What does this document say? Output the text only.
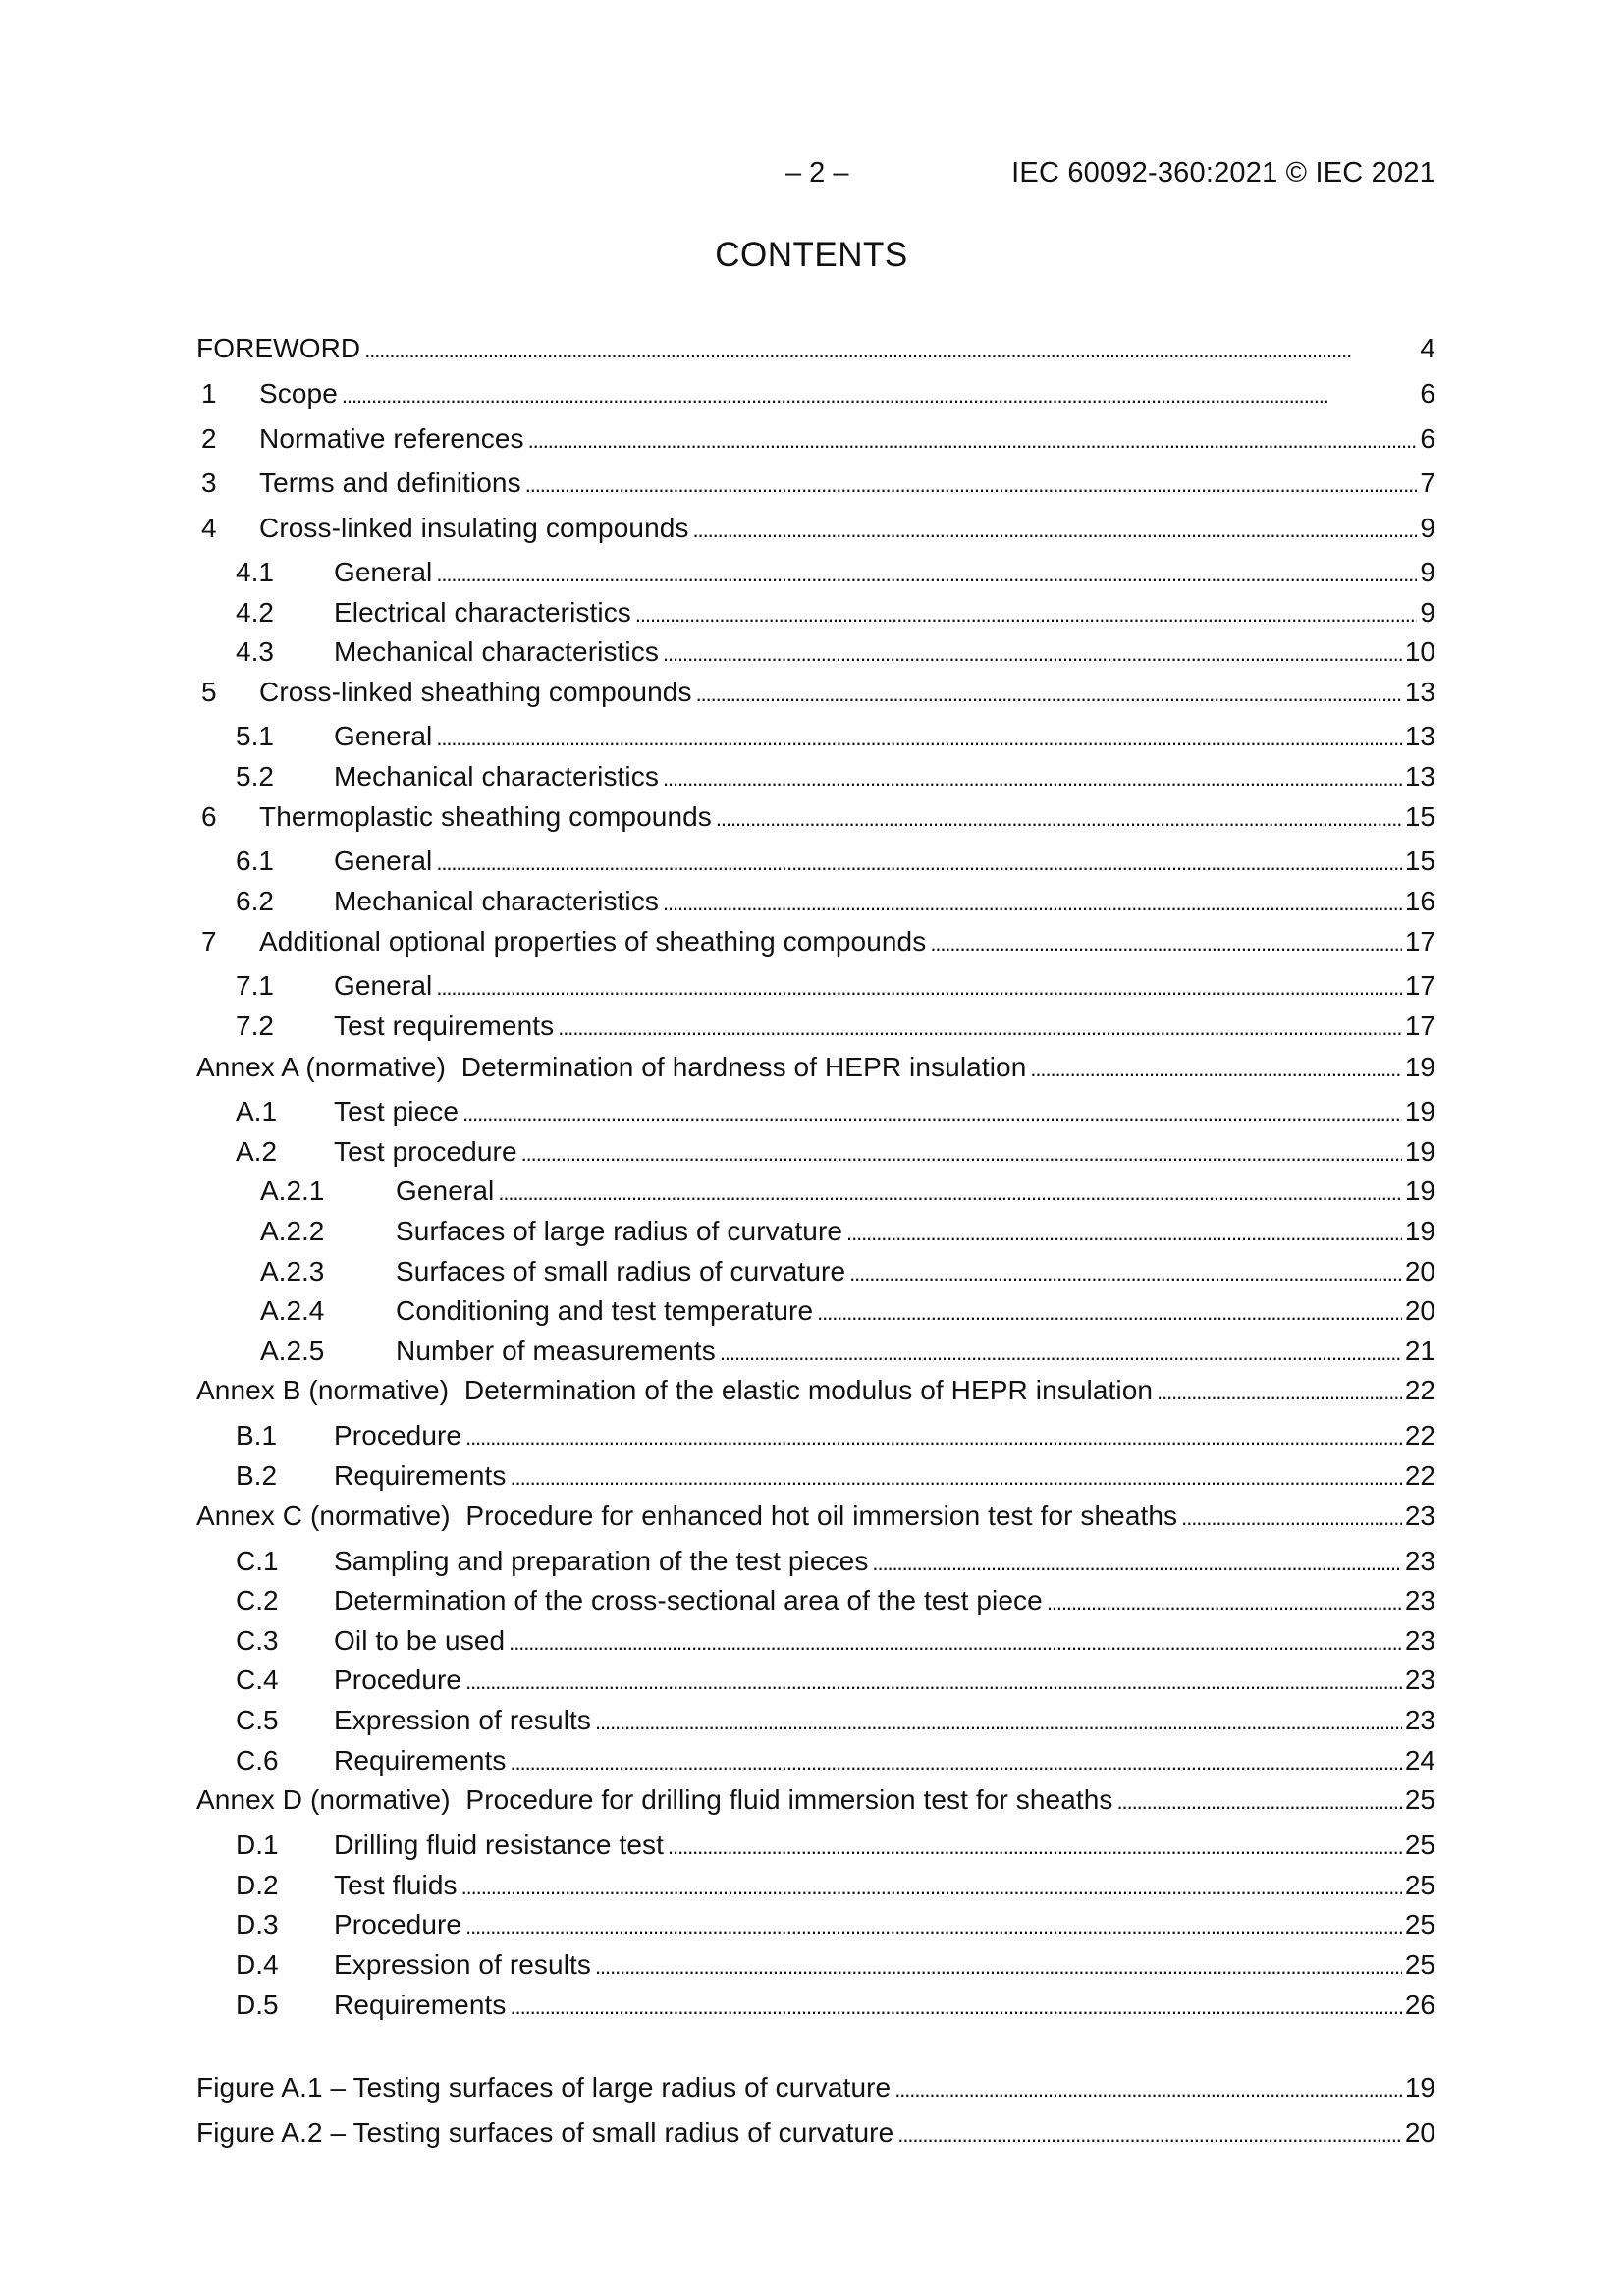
– 2 –	IEC 60092-360:2021 © IEC 2021
CONTENTS
FOREWORD . . .	4
1 Scope . . .	6
2 Normative references . . .	6
3 Terms and definitions . . .	7
4 Cross-linked insulating compounds . . .	9
4.1 General . . .	9
4.2 Electrical characteristics . . .	9
4.3 Mechanical characteristics . . .	10
5 Cross-linked sheathing compounds . . .	13
5.1 General . . .	13
5.2 Mechanical characteristics . . .	13
6 Thermoplastic sheathing compounds . . .	15
6.1 General . . .	15
6.2 Mechanical characteristics . . .	16
7 Additional optional properties of sheathing compounds . . .	17
7.1 General . . .	17
7.2 Test requirements . . .	17
Annex A (normative)  Determination of hardness of HEPR insulation . . .	19
A.1 Test piece . . .	19
A.2 Test procedure . . .	19
A.2.1	General . . .	19
A.2.2	Surfaces of large radius of curvature . . .	19
A.2.3	Surfaces of small radius of curvature . . .	20
A.2.4	Conditioning and test temperature . . .	20
A.2.5	Number of measurements . . .	21
Annex B (normative)  Determination of the elastic modulus of HEPR insulation . . .	22
B.1 Procedure . . .	22
B.2 Requirements . . .	22
Annex C (normative)  Procedure for enhanced hot oil immersion test for sheaths . . .	23
C.1 Sampling and preparation of the test pieces . . .	23
C.2 Determination of the cross-sectional area of the test piece . . .	23
C.3 Oil to be used . . .	23
C.4 Procedure . . .	23
C.5 Expression of results . . .	23
C.6 Requirements . . .	24
Annex D (normative)  Procedure for drilling fluid immersion test for sheaths . . .	25
D.1 Drilling fluid resistance test . . .	25
D.2 Test fluids . . .	25
D.3 Procedure . . .	25
D.4 Expression of results . . .	25
D.5 Requirements . . .	26
Figure A.1 – Testing surfaces of large radius of curvature . . .	19
Figure A.2 – Testing surfaces of small radius of curvature . . .	20
